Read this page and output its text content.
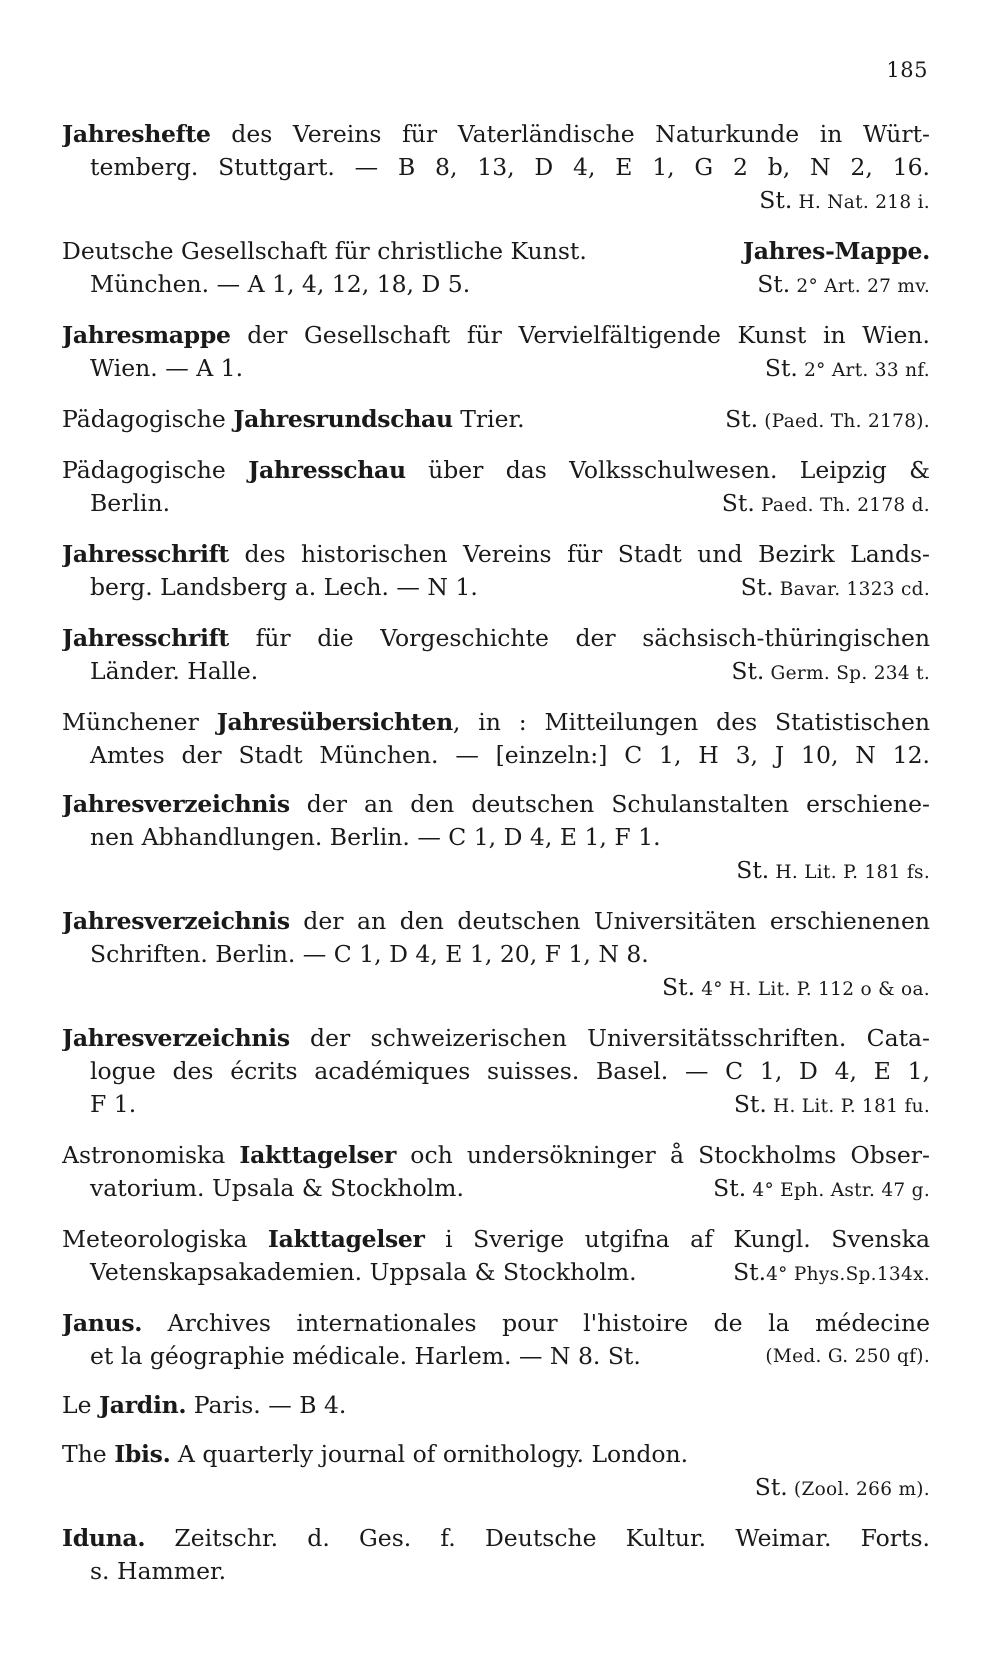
185
Jahreshefte des Vereins für Vaterländische Naturkunde in Würt-
temberg. Stuttgart. — B 8, 13, D 4, E 1, G 2 b, N 2, 16.
St. H. Nat. 218 i.
Deutsche Gesellschaft für christliche Kunst.	Jahres-Mappe.
München. — A 1, 4, 12, 18, D 5.	St. 2° Art. 27 mv.
Jahresmappe der Gesellschaft für Vervielfältigende Kunst in Wien.
Wien. — A 1.	St. 2° Art. 33 nf.
Pädagogische Jahresrundschau Trier.	St. (Paed. Th. 2178).
Pädagogische Jahresschau über das Volksschulwesen. Leipzig &
Berlin.	St. Paed. Th. 2178 d.
Jahresschrift des historischen Vereins für Stadt und Bezirk Lands-
berg. Landsberg a. Lech. — N 1.	St. Bavar. 1323 cd.
Jahresschrift für die Vorgeschichte der sächsisch-thüringischen
Länder. Halle.	St. Germ. Sp. 234 t.
Münchener Jahresübersichten, in : Mitteilungen des Statistischen
Amtes der Stadt München. — [einzeln:] C 1, H 3, J 10, N 12.
Jahresverzeichnis der an den deutschen Schulanstalten erschiene-
nen Abhandlungen. Berlin. — C 1, D 4, E 1, F 1.
St. H. Lit. P. 181 fs.
Jahresverzeichnis der an den deutschen Universitäten erschienenen
Schriften. Berlin. — C 1, D 4, E 1, 20, F 1, N 8.
St. 4° H. Lit. P. 112 o & oa.
Jahresverzeichnis der schweizerischen Universitätsschriften. Cata-
logue des écrits académiques suisses. Basel. — C 1, D 4, E 1,
F 1.	St. H. Lit. P. 181 fu.
Astronomiska Iakttagelser och undersökninger å Stockholms Obser-
vatorium. Upsala & Stockholm.	St. 4° Eph. Astr. 47 g.
Meteorologiska Iakttagelser i Sverige utgifna af Kungl. Svenska
Vetenskapsakademien. Uppsala & Stockholm.	St.4° Phys.Sp.134x.
Janus. Archives internationales pour l'histoire de la médecine
et la géographie médicale. Harlem. — N 8. St.	(Med. G. 250 qf).
Le Jardin. Paris. — B 4.
The Ibis. A quarterly journal of ornithology. London.
St. (Zool. 266 m).
Iduna. Zeitschr. d. Ges. f. Deutsche Kultur. Weimar. Forts.
s. Hammer.
